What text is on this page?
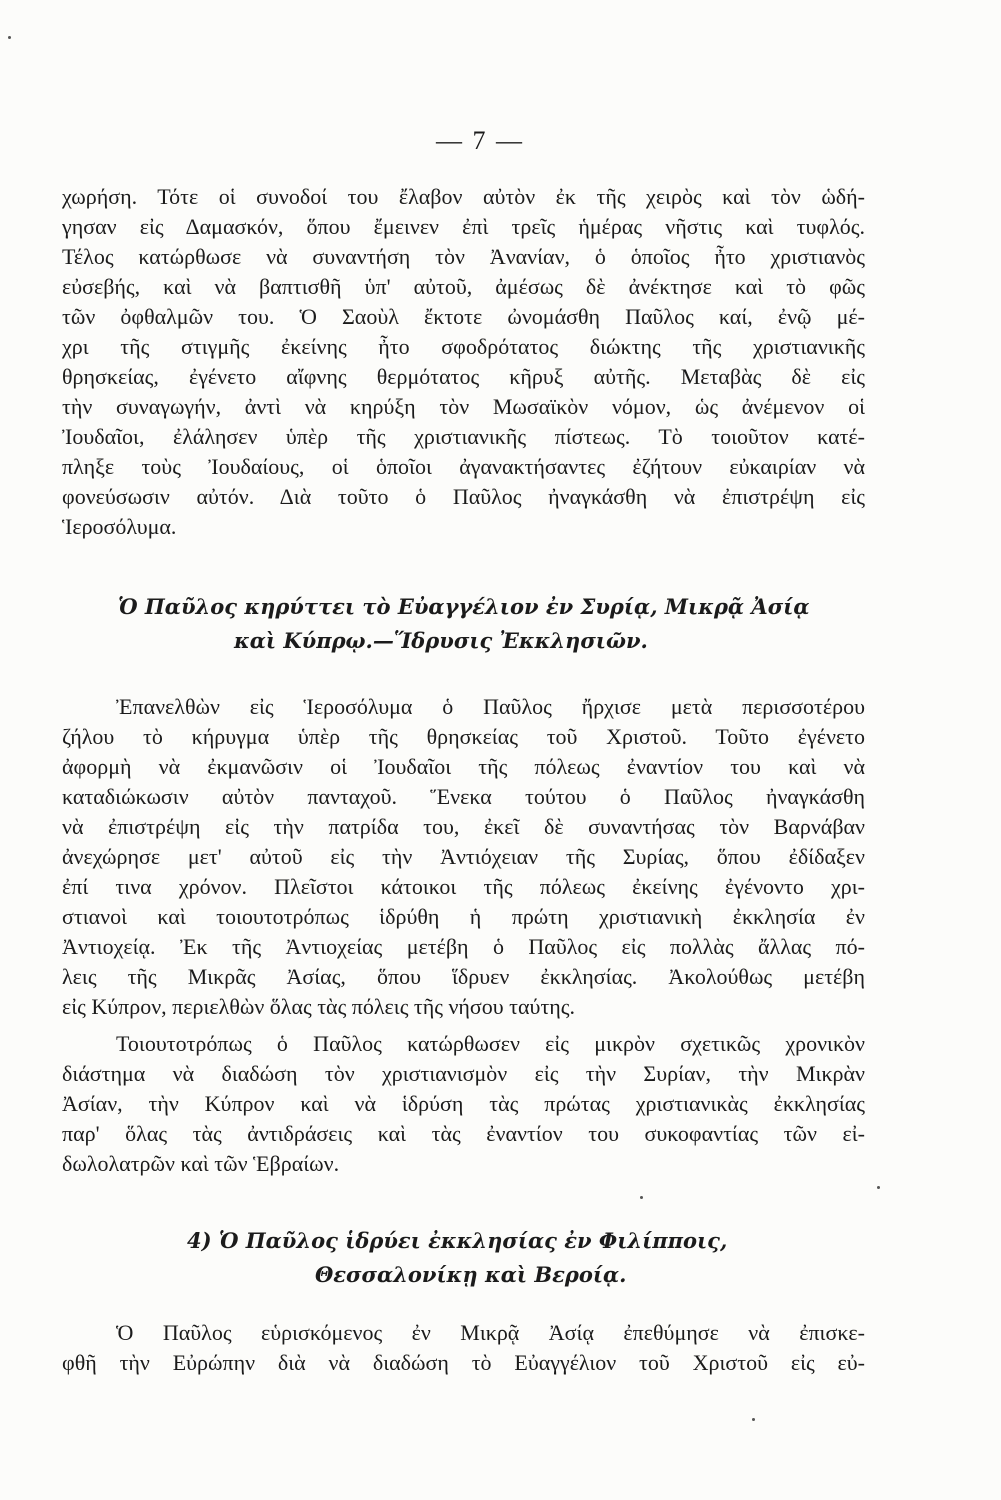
— 7 —
χωρήση. Τότε οἱ συνοδοί του ἔλαβον αὐτὸν ἐκ τῆς χειρὸς καὶ τὸν ὡδή-
γησαν εἰς Δαμασκόν, ὅπου ἔμεινεν ἐπὶ τρεῖς ἡμέρας νῆστις καὶ τυφλός.
Τέλος κατώρθωσε νὰ συναντήση τὸν Ἀνανίαν, ὁ ὁποῖος ἦτο χριστιανὸς
εὐσεβής, καὶ νὰ βαπτισθῆ ὑπ' αὐτοῦ, ἀμέσως δὲ ἀνέκτησε καὶ τὸ φῶς
τῶν ὀφθαλμῶν του. Ὁ Σαοὺλ ἔκτοτε ὠνομάσθη Παῦλος καί, ἐνῷ μέ-
χρι τῆς στιγμῆς ἐκείνης ἦτο σφοδρότατος διώκτης τῆς χριστιανικῆς
θρησκείας, ἐγένετο αἴφνης θερμότατος κῆρυξ αὐτῆς. Μεταβὰς δὲ εἰς
τὴν συναγωγήν, ἀντὶ νὰ κηρύξη τὸν Μωσαϊκὸν νόμον, ὡς ἀνέμενον οἱ
Ἰουδαῖοι, ἐλάλησεν ὑπὲρ τῆς χριστιανικῆς πίστεως. Τὸ τοιοῦτον κατέ-
πληξε τοὺς Ἰουδαίους, οἱ ὁποῖοι ἀγανακτήσαντες ἐζήτουν εὐκαιρίαν νὰ
φονεύσωσιν αὐτόν. Διὰ τοῦτο ὁ Παῦλος ἠναγκάσθη νὰ ἐπιστρέψη εἰς
Ἱεροσόλυμα.
Ὁ Παῦλος κηρύττει τὸ Εὐαγγέλιον ἐν Συρίᾳ, Μικρᾷ Ἀσίᾳ
καὶ Κύπρῳ.—Ἵδρυσις Ἐκκλησιῶν.
Ἐπανελθὼν εἰς Ἱεροσόλυμα ὁ Παῦλος ἤρχισε μετὰ περισσοτέρου
ζήλου τὸ κήρυγμα ὑπὲρ τῆς θρησκείας τοῦ Χριστοῦ. Τοῦτο ἐγένετο
ἀφορμὴ νὰ ἐκμανῶσιν οἱ Ἰουδαῖοι τῆς πόλεως ἐναντίον του καὶ νὰ
καταδιώκωσιν αὐτὸν πανταχοῦ. Ἕνεκα τούτου ὁ Παῦλος ἠναγκάσθη
νὰ ἐπιστρέψη εἰς τὴν πατρίδα του, ἐκεῖ δὲ συναντήσας τὸν Βαρνάβαν
ἀνεχώρησε μετ' αὐτοῦ εἰς τὴν Ἀντιόχειαν τῆς Συρίας, ὅπου ἐδίδαξεν
ἐπί τινα χρόνον. Πλεῖστοι κάτοικοι τῆς πόλεως ἐκείνης ἐγένοντο χρι-
στιανοὶ καὶ τοιουτοτρόπως ἱδρύθη ἡ πρώτη χριστιανικὴ ἐκκλησία ἐν
Ἀντιοχείᾳ. Ἐκ τῆς Ἀντιοχείας μετέβη ὁ Παῦλος εἰς πολλὰς ἄλλας πό-
λεις τῆς Μικρᾶς Ἀσίας, ὅπου ἵδρυεν ἐκκλησίας. Ἀκολούθως μετέβη
εἰς Κύπρον, περιελθὼν ὅλας τὰς πόλεις τῆς νήσου ταύτης.
Τοιουτοτρόπως ὁ Παῦλος κατώρθωσεν εἰς μικρὸν σχετικῶς χρονικὸν
διάστημα νὰ διαδώση τὸν χριστιανισμὸν εἰς τὴν Συρίαν, τὴν Μικρὰν
Ἀσίαν, τὴν Κύπρον καὶ νὰ ἱδρύση τὰς πρώτας χριστιανικὰς ἐκκλησίας
παρ' ὅλας τὰς ἀντιδράσεις καὶ τὰς ἐναντίον του συκοφαντίας τῶν εἰ-
δωλολατρῶν καὶ τῶν Ἑβραίων.
4) Ὁ Παῦλος ἱδρύει ἐκκλησίας ἐν Φιλίπποις,
Θεσσαλονίκῃ καὶ Βεροίᾳ.
Ὁ Παῦλος εὑρισκόμενος ἐν Μικρᾷ Ἀσίᾳ ἐπεθύμησε νὰ ἐπισκε-
φθῆ τὴν Εὐρώπην διὰ νὰ διαδώση τὸ Εὐαγγέλιον τοῦ Χριστοῦ εἰς εὐ-
